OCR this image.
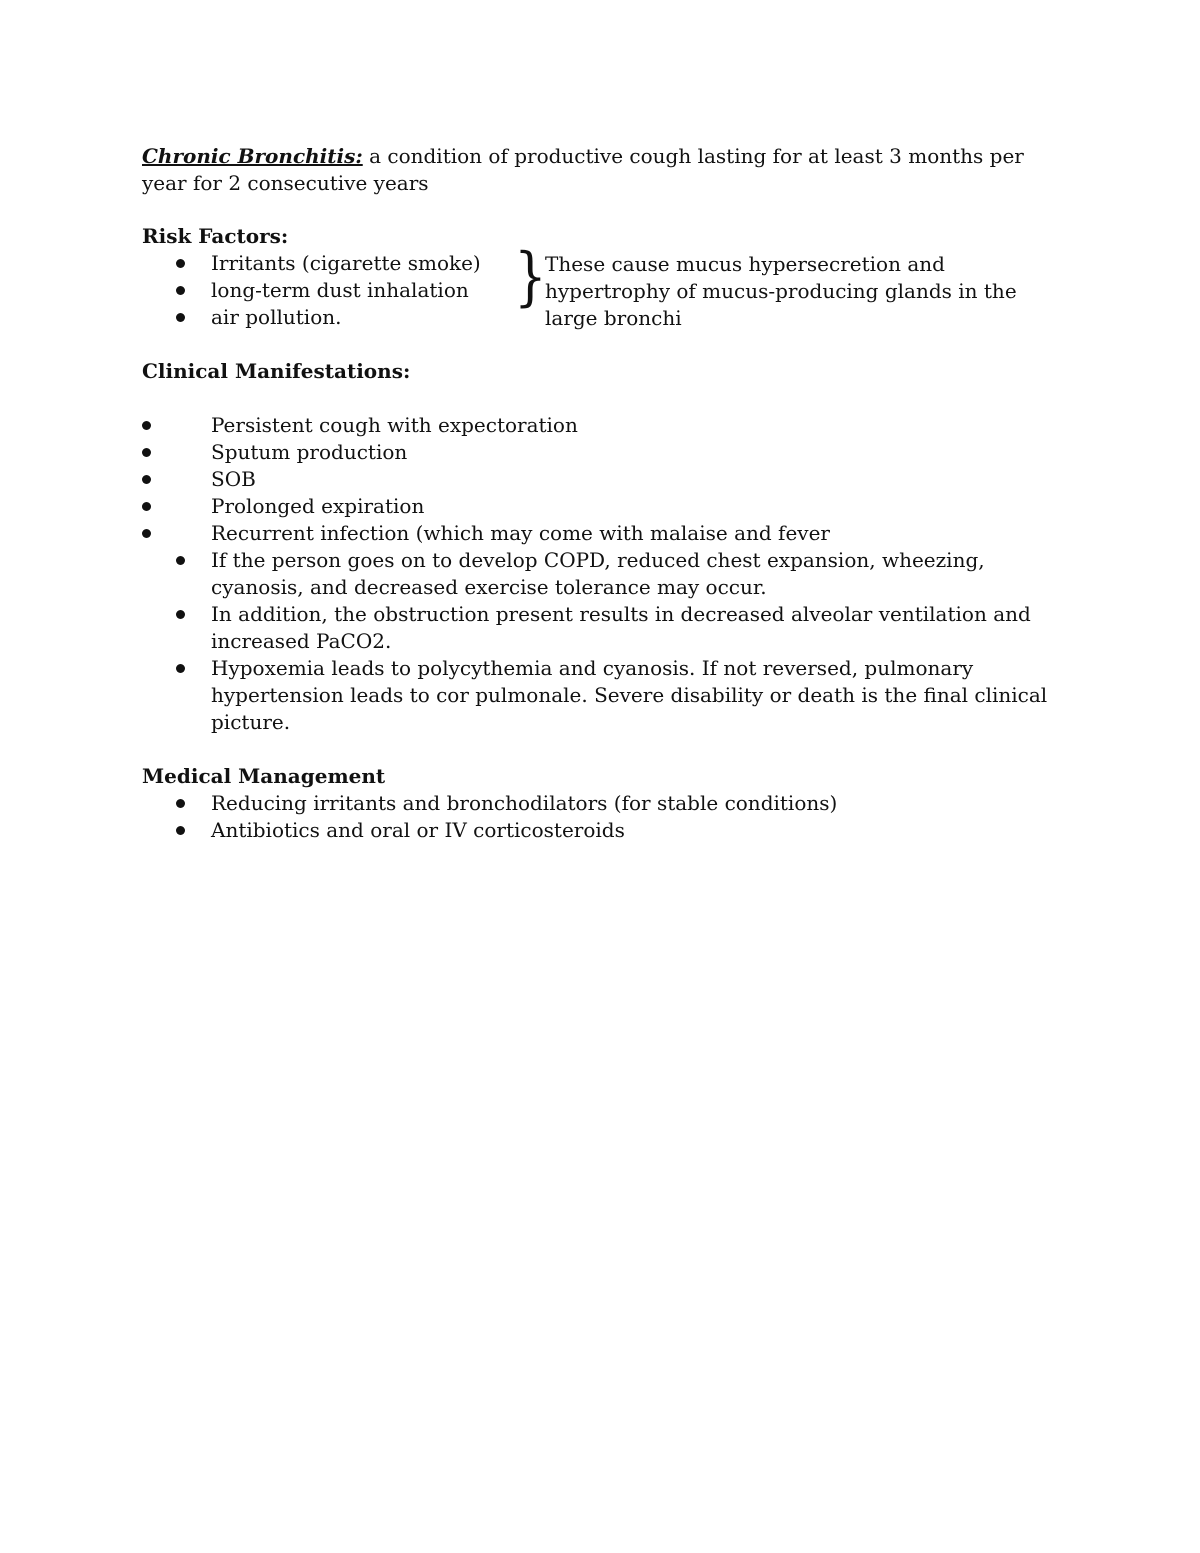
Chronic Bronchitis: a condition of productive cough lasting for at least 3 months per year for 2 consecutive years

Risk Factors:

Irritants (cigarette smoke)
long-term dust inhalation
air pollution.
}
These cause mucus hypersecretion and hypertrophy of mucus-producing glands in the large bronchi

Clinical Manifestations:

Persistent cough with expectoration
Sputum production
SOB
Prolonged expiration
Recurrent infection (which may come with malaise and fever
If the person goes on to develop COPD, reduced chest expansion, wheezing, cyanosis, and decreased exercise tolerance may occur.
In addition, the obstruction present results in decreased alveolar ventilation and increased PaCO2.
Hypoxemia leads to polycythemia and cyanosis. If not reversed, pulmonary hypertension leads to cor pulmonale. Severe disability or death is the final clinical picture.

Medical Management

Reducing irritants and bronchodilators (for stable conditions)
Antibiotics and oral or IV corticosteroids
